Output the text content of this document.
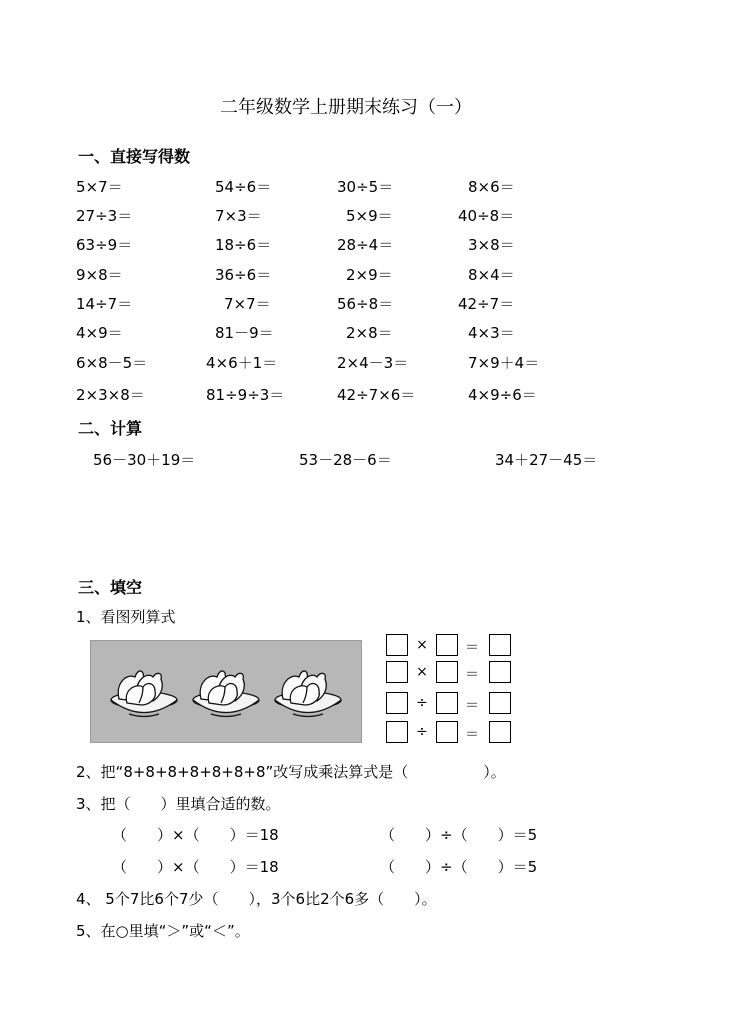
二年级数学上册期末练习（一）
一、直接写得数
5×7＝	54÷6＝	30÷5＝	8×6＝
27÷3＝	7×3＝	5×9＝	40÷8＝
63÷9＝	18÷6＝	28÷4＝	3×8＝
9×8＝	36÷6＝	2×9＝	8×4＝
14÷7＝	7×7＝	56÷8＝	42÷7＝
4×9＝	81－9＝	2×8＝	4×3＝
6×8－5＝	4×6＋1＝	2×4－3＝	7×9＋4＝
2×3×8＝	81÷9÷3＝	42÷7×6＝	4×9÷6＝
二、计算
56－30＋19＝	53－28－6＝	34＋27－45＝
三、填空
1、看图列算式
×	＝
×	＝
÷	＝
÷	＝
2、把“8+8+8+8+8+8+8”改写成乘法算式是（　　　　　）。
3、把（　　）里填合适的数。
（　　）×（　　）＝18	（　　）÷（　　）＝5
（　　）×（　　）＝18	（　　）÷（　　）＝5
4、 5个7比6个7少（　　），3个6比2个6多（　　）。
5、在○里填“＞”或“＜”。
